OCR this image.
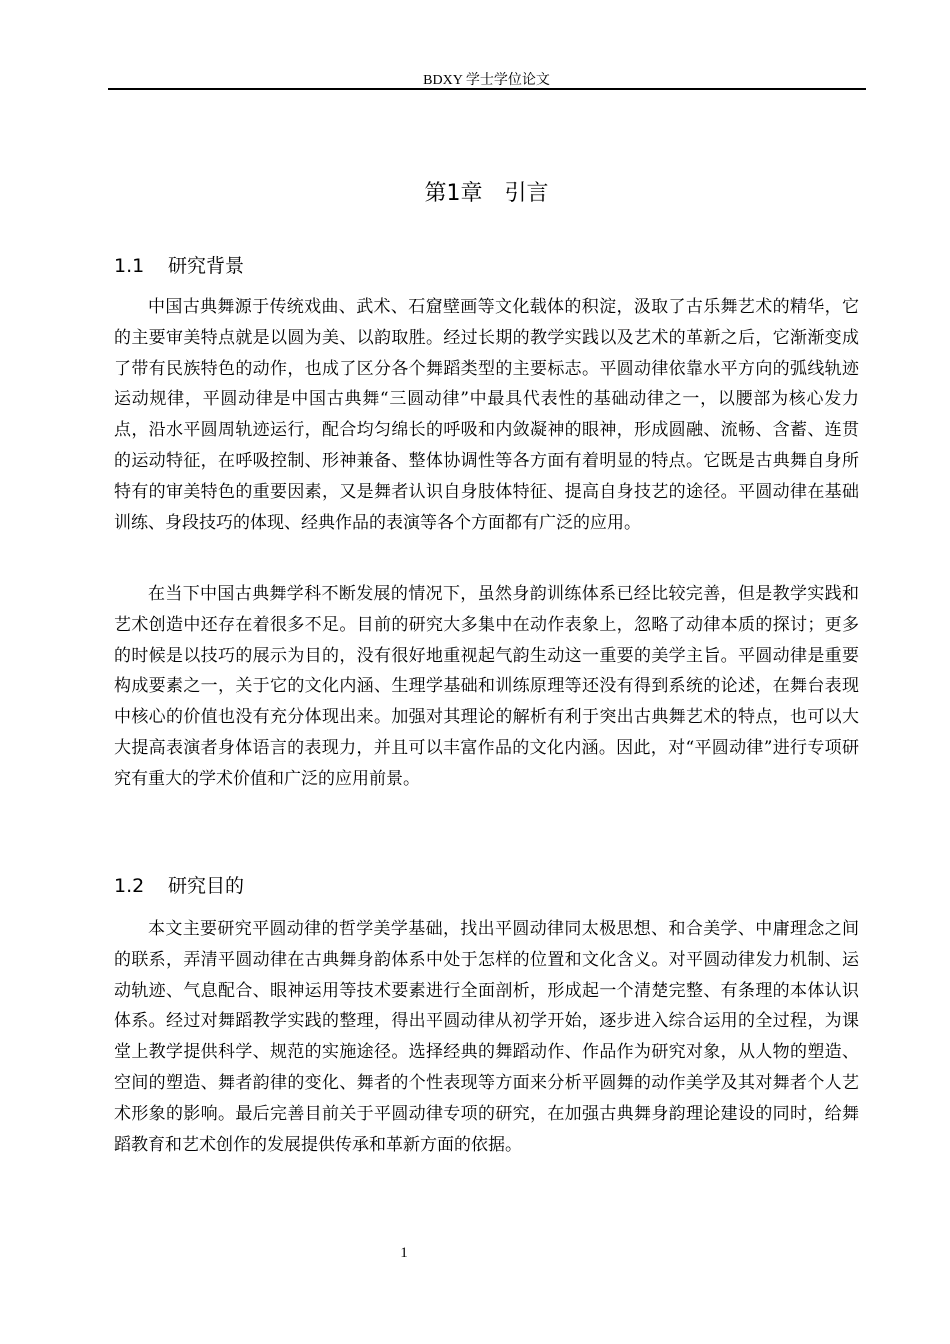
BDXY 学士学位论文
第1章　引言
1.1 研究背景

中国古典舞源于传统戏曲、武术、石窟壁画等文化载体的积淀，汲取了古乐舞艺术的精华，它的主要审美特点就是以圆为美、以韵取胜。经过长期的教学实践以及艺术的革新之后，它渐渐变成了带有民族特色的动作，也成了区分各个舞蹈类型的主要标志。平圆动律依靠水平方向的弧线轨迹运动规律，平圆动律是中国古典舞“三圆动律”中最具代表性的基础动律之一，以腰部为核心发力点，沿水平圆周轨迹运行，配合均匀绵长的呼吸和内敛凝神的眼神，形成圆融、流畅、含蓄、连贯的运动特征，在呼吸控制、形神兼备、整体协调性等各方面有着明显的特点。它既是古典舞自身所特有的审美特色的重要因素，又是舞者认识自身肢体特征、提高自身技艺的途径。平圆动律在基础训练、身段技巧的体现、经典作品的表演等各个方面都有广泛的应用。

在当下中国古典舞学科不断发展的情况下，虽然身韵训练体系已经比较完善，但是教学实践和艺术创造中还存在着很多不足。目前的研究大多集中在动作表象上，忽略了动律本质的探讨；更多的时候是以技巧的展示为目的，没有很好地重视起气韵生动这一重要的美学主旨。平圆动律是重要构成要素之一，关于它的文化内涵、生理学基础和训练原理等还没有得到系统的论述，在舞台表现中核心的价值也没有充分体现出来。加强对其理论的解析有利于突出古典舞艺术的特点，也可以大大提高表演者身体语言的表现力，并且可以丰富作品的文化内涵。因此，对“平圆动律”进行专项研究有重大的学术价值和广泛的应用前景。

1.2 研究目的

本文主要研究平圆动律的哲学美学基础，找出平圆动律同太极思想、和合美学、中庸理念之间的联系，弄清平圆动律在古典舞身韵体系中处于怎样的位置和文化含义。对平圆动律发力机制、运动轨迹、气息配合、眼神运用等技术要素进行全面剖析，形成起一个清楚完整、有条理的本体认识体系。经过对舞蹈教学实践的整理，得出平圆动律从初学开始，逐步进入综合运用的全过程，为课堂上教学提供科学、规范的实施途径。选择经典的舞蹈动作、作品作为研究对象，从人物的塑造、空间的塑造、舞者韵律的变化、舞者的个性表现等方面来分析平圆舞的动作美学及其对舞者个人艺术形象的影响。最后完善目前关于平圆动律专项的研究，在加强古典舞身韵理论建设的同时，给舞蹈教育和艺术创作的发展提供传承和革新方面的依据。

1
